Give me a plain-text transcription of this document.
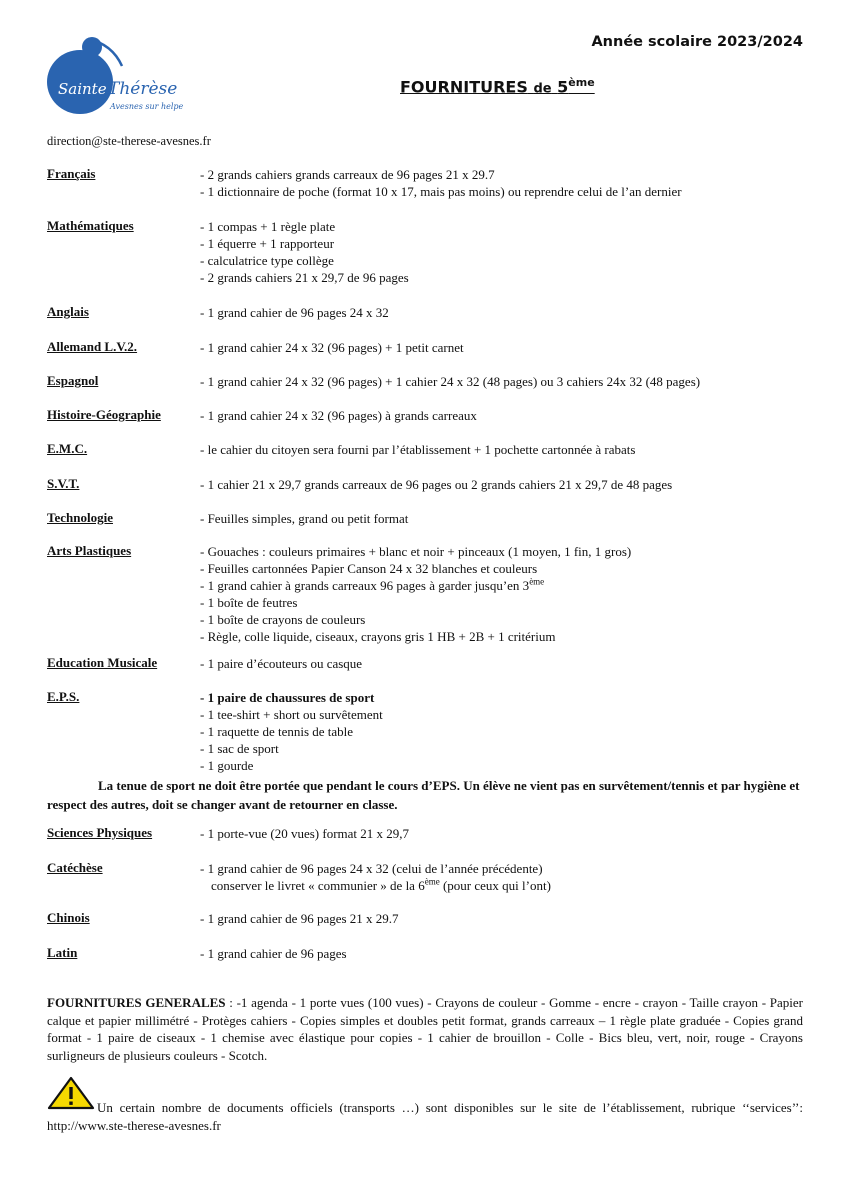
Sainte Thérèse
Avesnes sur helpe
Année scolaire 2023/2024
FOURNITURES de 5ème
direction@ste-therese-avesnes.fr
Français	- 2 grands cahiers grands carreaux de 96 pages 21 x 29.7
- 1 dictionnaire de poche (format 10 x 17, mais pas moins) ou reprendre celui de l’an dernier
Mathématiques	- 1 compas + 1 règle plate
- 1 équerre + 1 rapporteur
- calculatrice type collège
- 2 grands cahiers 21 x 29,7 de 96 pages
Anglais	- 1 grand cahier de 96 pages 24 x 32
Allemand L.V.2.	- 1 grand cahier 24 x 32 (96 pages) + 1 petit carnet
Espagnol	- 1 grand cahier 24 x 32 (96 pages) + 1 cahier 24 x 32 (48 pages) ou 3 cahiers 24x 32 (48 pages)
Histoire-Géographie	- 1 grand cahier 24 x 32 (96 pages) à grands carreaux
E.M.C.	- le cahier du citoyen sera fourni par l’établissement + 1 pochette cartonnée à rabats
S.V.T.	- 1 cahier 21 x 29,7 grands carreaux de 96 pages ou 2 grands cahiers 21 x 29,7 de 48 pages
Technologie	- Feuilles simples, grand ou petit format
Arts Plastiques	- Gouaches : couleurs primaires + blanc et noir + pinceaux (1 moyen, 1 fin, 1 gros)
- Feuilles cartonnées Papier Canson 24 x 32 blanches et couleurs
- 1 grand cahier à grands carreaux 96 pages à garder jusqu’en 3ème
- 1 boîte de feutres
- 1 boîte de crayons de couleurs
- Règle, colle liquide, ciseaux, crayons gris 1 HB + 2B + 1 critérium
Education Musicale	- 1 paire d’écouteurs ou casque
E.P.S.	- 1 paire de chaussures de sport
- 1 tee-shirt + short ou survêtement
- 1 raquette de tennis de table
- 1 sac de sport
- 1 gourde
La tenue de sport ne doit être portée que pendant le cours d’EPS. Un élève ne vient pas en survêtement/tennis et par hygiène et respect des autres, doit se changer avant de retourner en classe.
Sciences Physiques	- 1 porte-vue (20 vues) format 21 x 29,7
Catéchèse	- 1 grand cahier de 96 pages 24 x 32 (celui de l’année précédente)
conserver le livret « communier » de la 6ème (pour ceux qui l’ont)
Chinois	- 1 grand cahier de 96 pages 21 x 29.7
Latin	- 1 grand cahier de 96 pages
FOURNITURES GENERALES : -1 agenda - 1 porte vues (100 vues) - Crayons de couleur - Gomme - encre - crayon - Taille crayon - Papier calque et papier millimétré - Protèges cahiers - Copies simples et doubles petit format, grands carreaux – 1 règle plate graduée - Copies grand format - 1 paire de ciseaux - 1 chemise avec élastique pour copies - 1 cahier de brouillon - Colle - Bics bleu, vert, noir, rouge - Crayons surligneurs de plusieurs couleurs - Scotch.
Un certain nombre de documents officiels (transports …) sont disponibles sur le site de l’établissement, rubrique ‘‘services’’: http://www.ste-therese-avesnes.fr
